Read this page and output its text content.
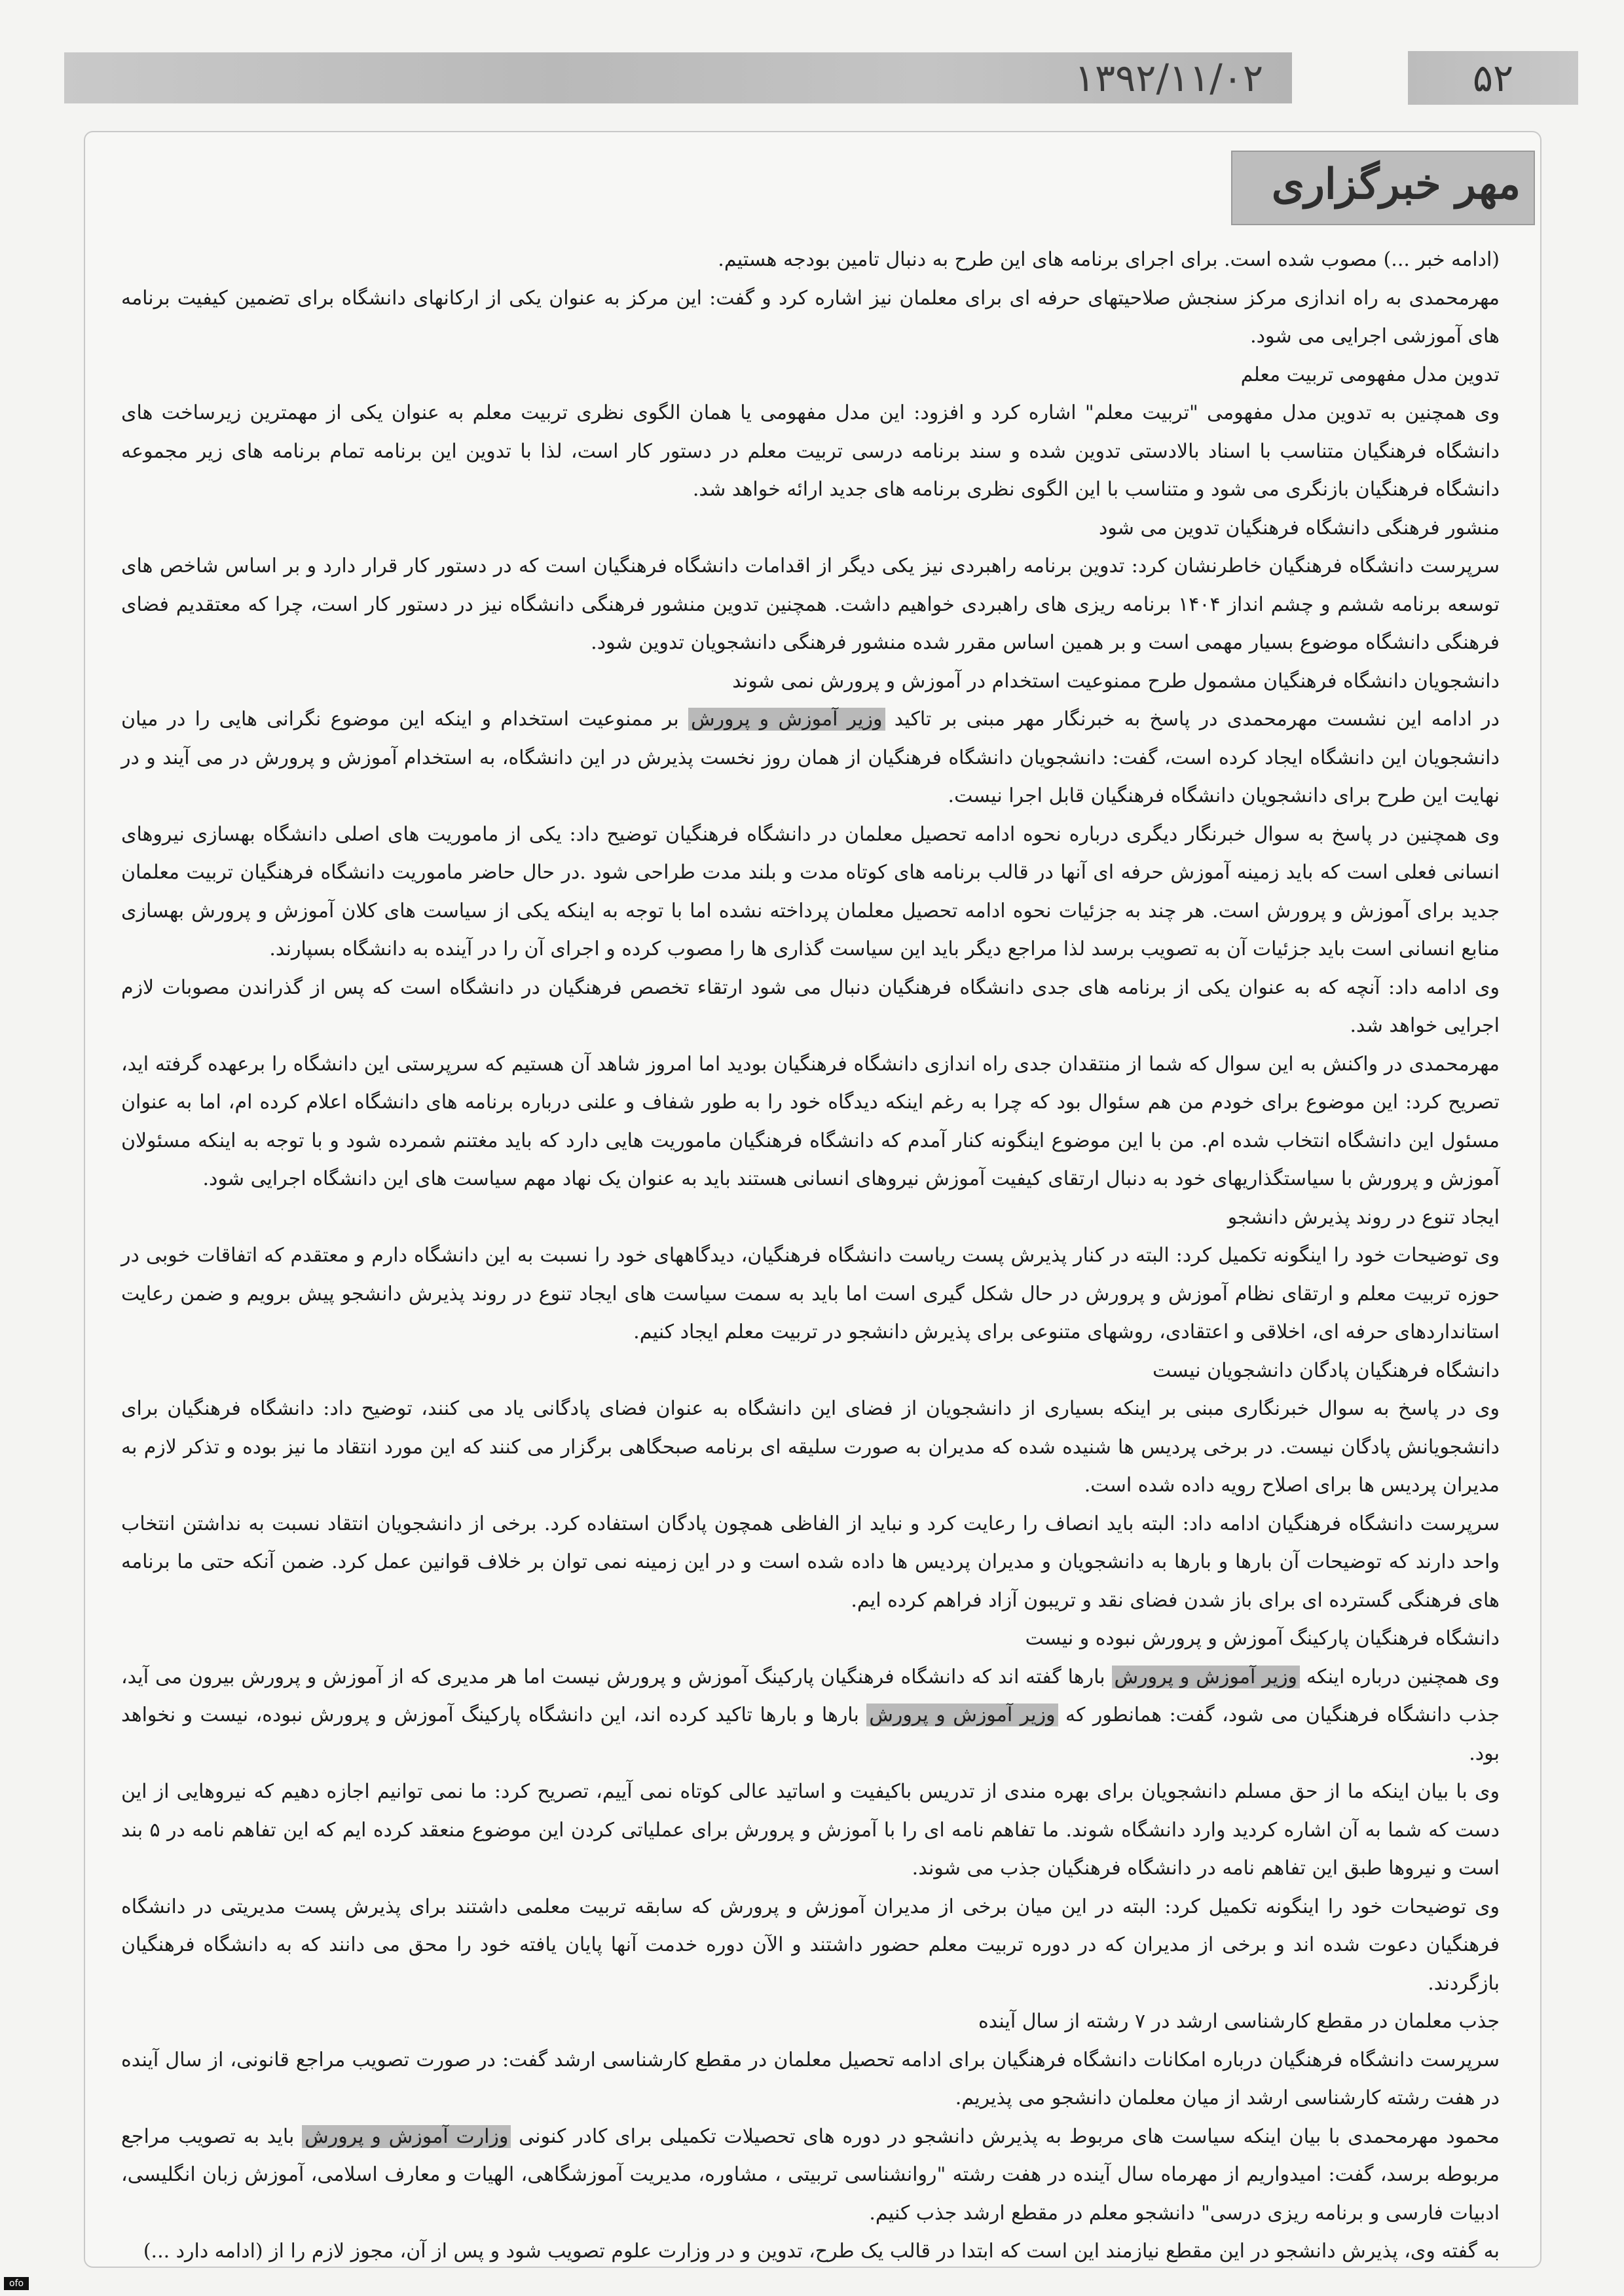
۱۳۹۲/۱۱/۰۲	۵۲
مهر خبرگزاری

(ادامه خبر ...) مصوب شده است. برای اجرای برنامه های این طرح به دنبال تامین بودجه هستیم.

مهرمحمدی به راه اندازی مرکز سنجش صلاحیتهای حرفه ای برای معلمان نیز اشاره کرد و گفت: این مرکز به عنوان یکی از ارکانهای دانشگاه برای تضمین کیفیت برنامه های آموزشی اجرایی می شود.

تدوین مدل مفهومی تربیت معلم

وی همچنین به تدوین مدل مفهومی "تربیت معلم" اشاره کرد و افزود: این مدل مفهومی یا همان الگوی نظری تربیت معلم به عنوان یکی از مهمترین زیرساخت های دانشگاه فرهنگیان متناسب با اسناد بالادستی تدوین شده و سند برنامه درسی تربیت معلم در دستور کار است، لذا با تدوین این برنامه تمام برنامه های زیر مجموعه دانشگاه فرهنگیان بازنگری می شود و متناسب با این الگوی نظری برنامه های جدید ارائه خواهد شد.

منشور فرهنگی دانشگاه فرهنگیان تدوین می شود

سرپرست دانشگاه فرهنگیان خاطرنشان کرد: تدوین برنامه راهبردی نیز یکی دیگر از اقدامات دانشگاه فرهنگیان است که در دستور کار قرار دارد و بر اساس شاخص های توسعه برنامه ششم و چشم انداز ۱۴۰۴ برنامه ریزی های راهبردی خواهیم داشت. همچنین تدوین منشور فرهنگی دانشگاه نیز در دستور کار است، چرا که معتقدیم فضای فرهنگی دانشگاه موضوع بسیار مهمی است و بر همین اساس مقرر شده منشور فرهنگی دانشجویان تدوین شود.

دانشجویان دانشگاه فرهنگیان مشمول طرح ممنوعیت استخدام در آموزش و پرورش نمی شوند

در ادامه این نشست مهرمحمدی در پاسخ به خبرنگار مهر مبنی بر تاکید وزیر آموزش و پرورش بر ممنوعیت استخدام و اینکه این موضوع نگرانی هایی را در میان دانشجویان این دانشگاه ایجاد کرده است، گفت: دانشجویان دانشگاه فرهنگیان از همان روز نخست پذیرش در این دانشگاه، به استخدام آموزش و پرورش در می آیند و در نهایت این طرح برای دانشجویان دانشگاه فرهنگیان قابل اجرا نیست.

وی همچنین در پاسخ به سوال خبرنگار دیگری درباره نحوه ادامه تحصیل معلمان در دانشگاه فرهنگیان توضیح داد: یکی از ماموریت های اصلی دانشگاه بهسازی نیروهای انسانی فعلی است که باید زمینه آموزش حرفه ای آنها در قالب برنامه های کوتاه مدت و بلند مدت طراحی شود .در حال حاضر ماموریت دانشگاه فرهنگیان تربیت معلمان جدید برای آموزش و پرورش است. هر چند به جزئیات نحوه ادامه تحصیل معلمان پرداخته نشده اما با توجه به اینکه یکی از سیاست های کلان آموزش و پرورش بهسازی منابع انسانی است باید جزئیات آن به تصویب برسد لذا مراجع دیگر باید این سیاست گذاری ها را مصوب کرده و اجرای آن را در آینده به دانشگاه بسپارند.

وی ادامه داد: آنچه که به عنوان یکی از برنامه های جدی دانشگاه فرهنگیان دنبال می شود ارتقاء تخصص فرهنگیان در دانشگاه است که پس از گذراندن مصوبات لازم اجرایی خواهد شد.

مهرمحمدی در واکنش به این سوال که شما از منتقدان جدی راه اندازی دانشگاه فرهنگیان بودید اما امروز شاهد آن هستیم که سرپرستی این دانشگاه را برعهده گرفته اید، تصریح کرد: این موضوع برای خودم من هم سئوال بود که چرا به رغم اینکه دیدگاه خود را به طور شفاف و علنی درباره برنامه های دانشگاه اعلام کرده ام، اما به عنوان مسئول این دانشگاه انتخاب شده ام. من با این موضوع اینگونه کنار آمدم که دانشگاه فرهنگیان ماموریت هایی دارد که باید مغتنم شمرده شود و با توجه به اینکه مسئولان آموزش و پرورش با سیاستگذاریهای خود به دنبال ارتقای کیفیت آموزش نیروهای انسانی هستند باید به عنوان یک نهاد مهم سیاست های این دانشگاه اجرایی شود.

ایجاد تنوع در روند پذیرش دانشجو

وی توضیحات خود را اینگونه تکمیل کرد: البته در کنار پذیرش پست ریاست دانشگاه فرهنگیان، دیدگاههای خود را نسبت به این دانشگاه دارم و معتقدم که اتفاقات خوبی در حوزه تربیت معلم و ارتقای نظام آموزش و پرورش در حال شکل گیری است اما باید به سمت سیاست های ایجاد تنوع در روند پذیرش دانشجو پیش برویم و ضمن رعایت استانداردهای حرفه ای، اخلاقی و اعتقادی، روشهای متنوعی برای پذیرش دانشجو در تربیت معلم ایجاد کنیم.

دانشگاه فرهنگیان پادگان دانشجویان نیست

وی در پاسخ به سوال خبرنگاری مبنی بر اینکه بسیاری از دانشجویان از فضای این دانشگاه به عنوان فضای پادگانی یاد می کنند، توضیح داد: دانشگاه فرهنگیان برای دانشجویانش پادگان نیست. در برخی پردیس ها شنیده شده که مدیران به صورت سلیقه ای برنامه صبحگاهی برگزار می کنند که این مورد انتقاد ما نیز بوده و تذکر لازم به مدیران پردیس ها برای اصلاح رویه داده شده است.

سرپرست دانشگاه فرهنگیان ادامه داد: البته باید انصاف را رعایت کرد و نباید از الفاظی همچون پادگان استفاده کرد. برخی از دانشجویان انتقاد نسبت به نداشتن انتخاب واحد دارند که توضیحات آن بارها و بارها به دانشجویان و مدیران پردیس ها داده شده است و در این زمینه نمی توان بر خلاف قوانین عمل کرد. ضمن آنکه حتی ما برنامه های فرهنگی گسترده ای برای باز شدن فضای نقد و تریبون آزاد فراهم کرده ایم.

دانشگاه فرهنگیان پارکینگ آموزش و پرورش نبوده و نیست

وی همچنین درباره اینکه وزیر آموزش و پرورش بارها گفته اند که دانشگاه فرهنگیان پارکینگ آموزش و پرورش نیست اما هر مدیری که از آموزش و پرورش بیرون می آید، جذب دانشگاه فرهنگیان می شود، گفت: همانطور که وزیر آموزش و پرورش بارها و بارها تاکید کرده اند، این دانشگاه پارکینگ آموزش و پرورش نبوده، نیست و نخواهد بود.

وی با بیان اینکه ما از حق مسلم دانشجویان برای بهره مندی از تدریس باکیفیت و اساتید عالی کوتاه نمی آییم، تصریح کرد: ما نمی توانیم اجازه دهیم که نیروهایی از این دست که شما به آن اشاره کردید وارد دانشگاه شوند. ما تفاهم نامه ای را با آموزش و پرورش برای عملیاتی کردن این موضوع منعقد کرده ایم که این تفاهم نامه در ۵ بند است و نیروها طبق این تفاهم نامه در دانشگاه فرهنگیان جذب می شوند.

وی توضیحات خود را اینگونه تکمیل کرد: البته در این میان برخی از مدیران آموزش و پرورش که سابقه تربیت معلمی داشتند برای پذیرش پست مدیریتی در دانشگاه فرهنگیان دعوت شده اند و برخی از مدیران که در دوره تربیت معلم حضور داشتند و الآن دوره خدمت آنها پایان یافته خود را محق می دانند که به دانشگاه فرهنگیان بازگردند.

جذب معلمان در مقطع کارشناسی ارشد در ۷ رشته از سال آینده

سرپرست دانشگاه فرهنگیان درباره امکانات دانشگاه فرهنگیان برای ادامه تحصیل معلمان در مقطع کارشناسی ارشد گفت: در صورت تصویب مراجع قانونی، از سال آینده در هفت رشته کارشناسی ارشد از میان معلمان دانشجو می پذیریم.

محمود مهرمحمدی با بیان اینکه سیاست های مربوط به پذیرش دانشجو در دوره های تحصیلات تکمیلی برای کادر کنونی وزارت آموزش و پرورش باید به تصویب مراجع مربوطه برسد، گفت: امیدواریم از مهرماه سال آینده در هفت رشته "روانشناسی تربیتی ، مشاوره، مدیریت آموزشگاهی، الهیات و معارف اسلامی، آموزش زبان انگلیسی، ادبیات فارسی و برنامه ریزی درسی" دانشجو معلم در مقطع ارشد جذب کنیم.

به گفته وی، پذیرش دانشجو در این مقطع نیازمند این است که ابتدا در قالب یک طرح، تدوین و در وزارت علوم تصویب شود و پس از آن، مجوز لازم را از (ادامه دارد ...)

ofo
